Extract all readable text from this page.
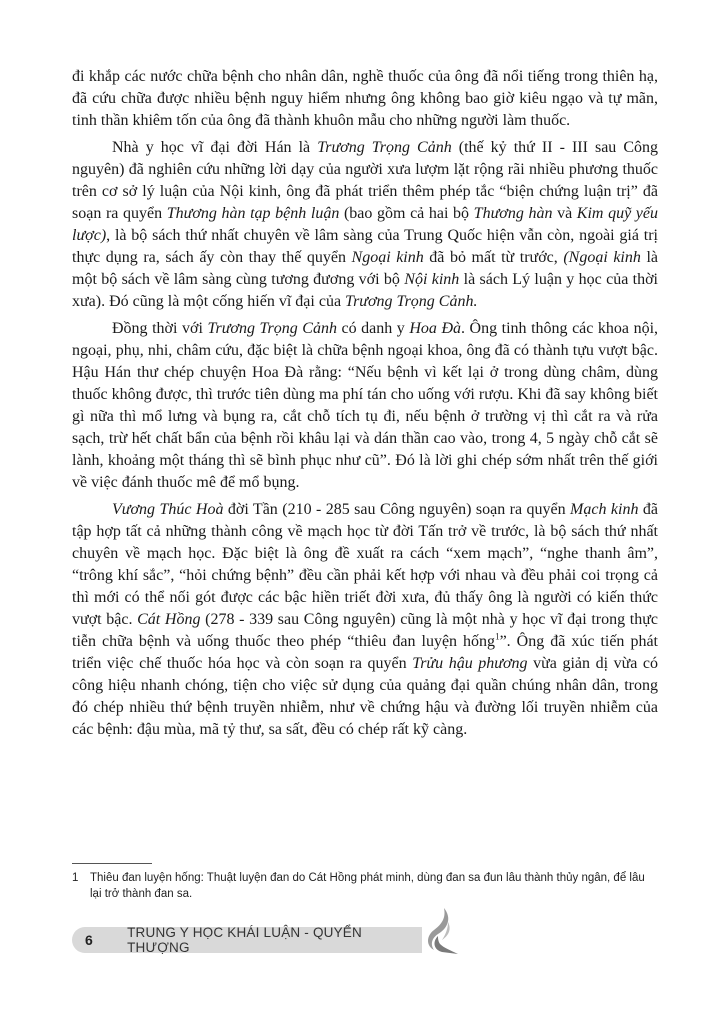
đi khắp các nước chữa bệnh cho nhân dân, nghề thuốc của ông đã nổi tiếng trong thiên hạ, đã cứu chữa được nhiều bệnh nguy hiểm nhưng ông không bao giờ kiêu ngạo và tự mãn, tinh thần khiêm tốn của ông đã thành khuôn mẫu cho những người làm thuốc.

Nhà y học vĩ đại đời Hán là Trương Trọng Cảnh (thế kỷ thứ II - III sau Công nguyên) đã nghiên cứu những lời dạy của người xưa lượm lặt rộng rãi nhiều phương thuốc trên cơ sở lý luận của Nội kinh, ông đã phát triển thêm phép tắc “biện chứng luận trị” đã soạn ra quyển Thương hàn tạp bệnh luận (bao gồm cả hai bộ Thương hàn và Kim quỹ yếu lược), là bộ sách thứ nhất chuyên về lâm sàng của Trung Quốc hiện vẫn còn, ngoài giá trị thực dụng ra, sách ấy còn thay thế quyển Ngoại kinh đã bỏ mất từ trước, (Ngoại kinh là một bộ sách về lâm sàng cùng tương đương với bộ Nội kinh là sách Lý luận y học của thời xưa). Đó cũng là một cống hiến vĩ đại của Trương Trọng Cảnh.

Đồng thời với Trương Trọng Cảnh có danh y Hoa Đà. Ông tinh thông các khoa nội, ngoại, phụ, nhi, châm cứu, đặc biệt là chữa bệnh ngoại khoa, ông đã có thành tựu vượt bậc. Hậu Hán thư chép chuyện Hoa Đà rằng: “Nếu bệnh vì kết lại ở trong dùng châm, dùng thuốc không được, thì trước tiên dùng ma phí tán cho uống với rượu. Khi đã say không biết gì nữa thì mổ lưng và bụng ra, cắt chỗ tích tụ đi, nếu bệnh ở trường vị thì cắt ra và rửa sạch, trừ hết chất bẩn của bệnh rồi khâu lại và dán thần cao vào, trong 4, 5 ngày chỗ cắt sẽ lành, khoảng một tháng thì sẽ bình phục như cũ”. Đó là lời ghi chép sớm nhất trên thế giới về việc đánh thuốc mê để mổ bụng.

Vương Thúc Hoà đời Tần (210 - 285 sau Công nguyên) soạn ra quyển Mạch kinh đã tập hợp tất cả những thành công về mạch học từ đời Tấn trở về trước, là bộ sách thứ nhất chuyên về mạch học. Đặc biệt là ông đề xuất ra cách “xem mạch”, “nghe thanh âm”, “trông khí sắc”, “hỏi chứng bệnh” đều cần phải kết hợp với nhau và đều phải coi trọng cả thì mới có thể nối gót được các bậc hiền triết đời xưa, đủ thấy ông là người có kiến thức vượt bậc. Cát Hồng (278 - 339 sau Công nguyên) cũng là một nhà y học vĩ đại trong thực tiễn chữa bệnh và uống thuốc theo phép “thiêu đan luyện hống$^1$”. Ông đã xúc tiến phát triển việc chế thuốc hóa học và còn soạn ra quyển Trửu hậu phương vừa giản dị vừa có công hiệu nhanh chóng, tiện cho việc sử dụng của quảng đại quần chúng nhân dân, trong đó chép nhiều thứ bệnh truyền nhiễm, như về chứng hậu và đường lối truyền nhiễm của các bệnh: đậu mùa, mã tỷ thư, sa sất, đều có chép rất kỹ càng.

1	Thiêu đan luyện hống: Thuật luyện đan do Cát Hồng phát minh, dùng đan sa đun lâu thành thủy ngân, để lâu lại trở thành đan sa.
6	TRUNG Y HỌC KHÁI LUẬN - QUYỂN THƯỢNG
